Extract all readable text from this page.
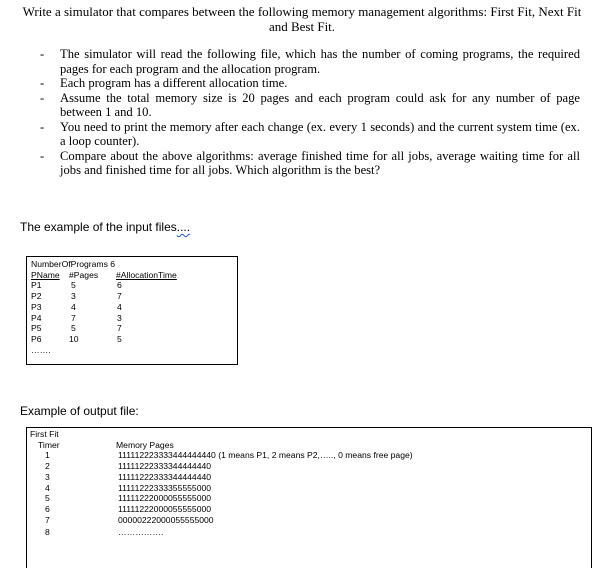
Write a simulator that compares between the following memory management algorithms: First Fit, Next Fit and Best Fit.

- The simulator will read the following file, which has the number of coming programs, the required pages for each program and the allocation program.

- Each program has a different allocation time.

- Assume the total memory size is 20 pages and each program could ask for any number of page between 1 and 10.

- You need to print the memory after each change (ex. every 1 seconds) and the current system time (ex. a loop counter).

- Compare about the above algorithms: average finished time for all jobs, average waiting time for all jobs and finished time for all jobs. Which algorithm is the best?

The example of the input files....
NumberOfPrograms 6
PName #Pages #AllocationTime
P1	5	6
P2	3	7
P3	4	4
P4	7	3
P5	5	7
P6	10	5
…….
Example of output file:
First Fit
Timer	Memory Pages
1	111112223333444444440 (1 means P1, 2 means P2,….., 0 means free page)
2	11111222333344444440
3	11111222333344444440
4	11111222333355555000
5	11111222000055555000
6	11111222000055555000
7	00000222000055555000
8	…………….
